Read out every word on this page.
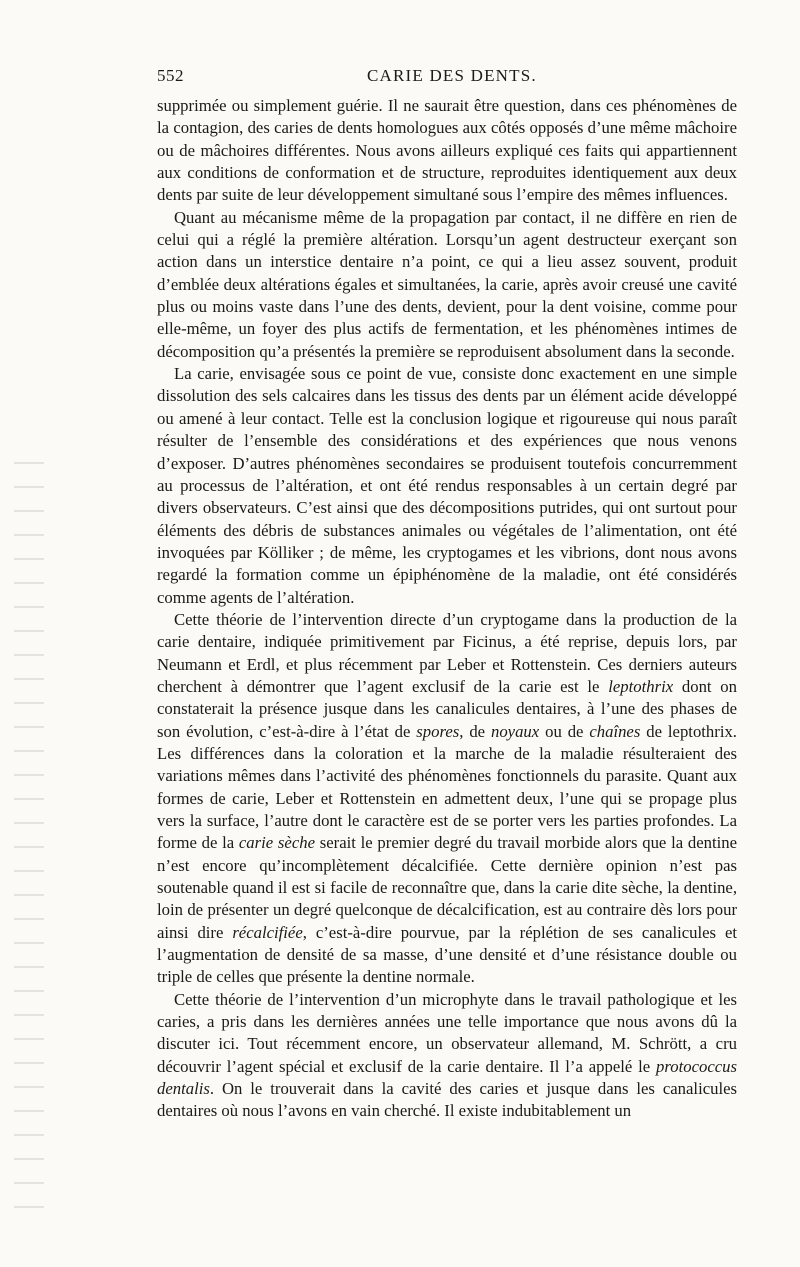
552	CARIE DES DENTS.

supprimée ou simplement guérie. Il ne saurait être question, dans ces phénomènes de la contagion, des caries de dents homologues aux côtés opposés d’une même mâchoire ou de mâchoires différentes. Nous avons ailleurs expliqué ces faits qui appartiennent aux conditions de conformation et de structure, reproduites identiquement aux deux dents par suite de leur développement simultané sous l’empire des mêmes influences.

Quant au mécanisme même de la propagation par contact, il ne diffère en rien de celui qui a réglé la première altération. Lorsqu’un agent destructeur exerçant son action dans un interstice dentaire n’a point, ce qui a lieu assez souvent, produit d’emblée deux altérations égales et simultanées, la carie, après avoir creusé une cavité plus ou moins vaste dans l’une des dents, devient, pour la dent voisine, comme pour elle-même, un foyer des plus actifs de fermentation, et les phénomènes intimes de décomposition qu’a présentés la première se reproduisent absolument dans la seconde.

La carie, envisagée sous ce point de vue, consiste donc exactement en une simple dissolution des sels calcaires dans les tissus des dents par un élément acide développé ou amené à leur contact. Telle est la conclusion logique et rigoureuse qui nous paraît résulter de l’ensemble des considérations et des expériences que nous venons d’exposer. D’autres phénomènes secondaires se produisent toutefois concurremment au processus de l’altération, et ont été rendus responsables à un certain degré par divers observateurs. C’est ainsi que des décompositions putrides, qui ont surtout pour éléments des débris de substances animales ou végétales de l’alimentation, ont été invoquées par Kölliker ; de même, les cryptogames et les vibrions, dont nous avons regardé la formation comme un épiphénomène de la maladie, ont été considérés comme agents de l’altération.

Cette théorie de l’intervention directe d’un cryptogame dans la production de la carie dentaire, indiquée primitivement par Ficinus, a été reprise, depuis lors, par Neumann et Erdl, et plus récemment par Leber et Rottenstein. Ces derniers auteurs cherchent à démontrer que l’agent exclusif de la carie est le leptothrix dont on constaterait la présence jusque dans les canalicules dentaires, à l’une des phases de son évolution, c’est-à-dire à l’état de spores, de noyaux ou de chaînes de leptothrix. Les différences dans la coloration et la marche de la maladie résulteraient des variations mêmes dans l’activité des phénomènes fonctionnels du parasite. Quant aux formes de carie, Leber et Rottenstein en admettent deux, l’une qui se propage plus vers la surface, l’autre dont le caractère est de se porter vers les parties profondes. La forme de la carie sèche serait le premier degré du travail morbide alors que la dentine n’est encore qu’incomplètement décalcifiée. Cette dernière opinion n’est pas soutenable quand il est si facile de reconnaître que, dans la carie dite sèche, la dentine, loin de présenter un degré quelconque de décalcification, est au contraire dès lors pour ainsi dire récalcifiée, c’est-à-dire pourvue, par la réplétion de ses canalicules et l’augmentation de densité de sa masse, d’une densité et d’une résistance double ou triple de celles que présente la dentine normale.

Cette théorie de l’intervention d’un microphyte dans le travail pathologique et les caries, a pris dans les dernières années une telle importance que nous avons dû la discuter ici. Tout récemment encore, un observateur allemand, M. Schrött, a cru découvrir l’agent spécial et exclusif de la carie dentaire. Il l’a appelé le protococcus dentalis. On le trouverait dans la cavité des caries et jusque dans les canalicules dentaires où nous l’avons en vain cherché. Il existe indubitablement un
